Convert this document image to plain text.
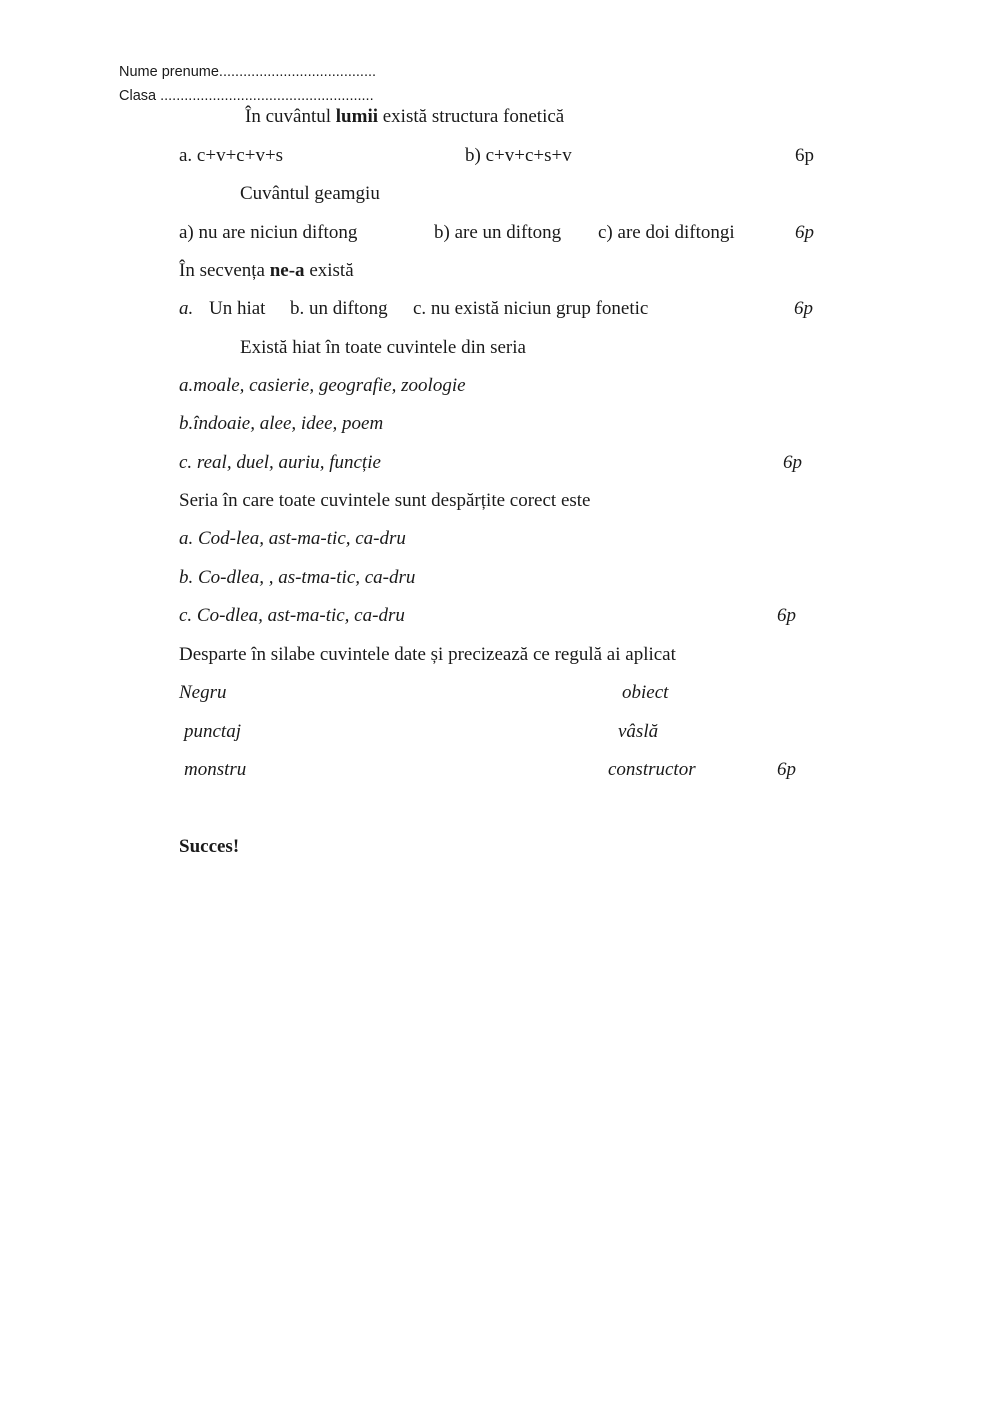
Nume prenume.......................................
Clasa .....................................................
În cuvântul lumii există structura fonetică
a. c+v+c+v+s	b) c+v+c+s+v	6p
Cuvântul geamgiu
a) nu are niciun diftong	b) are un diftong c) are doi diftongi	6p
În secvența ne-a există
a. Un hiat b. un diftong c. nu există niciun grup fonetic	6p
Există hiat în toate cuvintele din seria
a.moale, casierie, geografie, zoologie
b.îndoaie, alee, idee, poem
c. real, duel, auriu, funcție	6p
Seria în care toate cuvintele sunt despărțite corect este
a. Cod-lea, ast-ma-tic, ca-dru
b. Co-dlea, , as-tma-tic, ca-dru
c. Co-dlea, ast-ma-tic, ca-dru	6p
Desparte în silabe cuvintele date și precizează ce regulă ai aplicat
Negru	obiect
punctaj	vâslă
monstru	constructor	6p
Succes!
